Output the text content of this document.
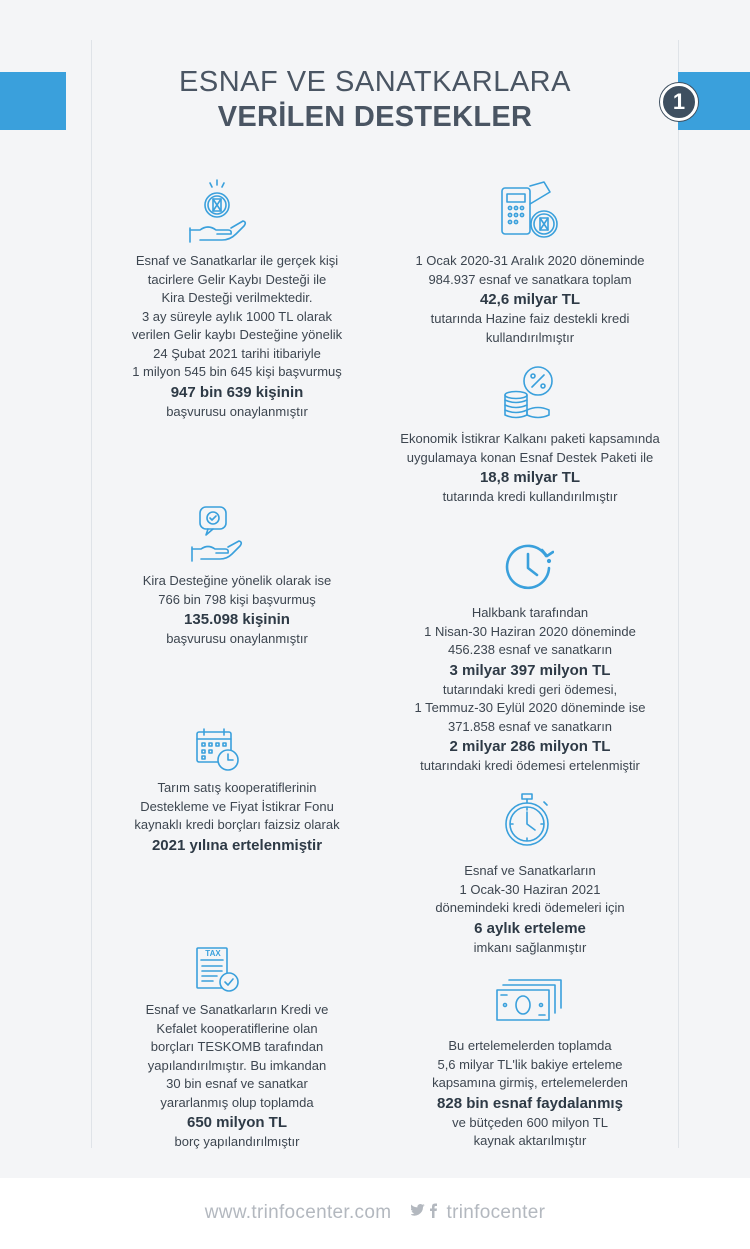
ESNAF VE SANATKARLARA
VERİLEN DESTEKLER	1

Esnaf ve Sanatkarlar ile gerçek kişi

tacirlere Gelir Kaybı Desteği ile

Kira Desteği verilmektedir.

3 ay süreyle aylık 1000 TL olarak

verilen Gelir kaybı Desteğine yönelik

24 Şubat 2021 tarihi itibariyle

1 milyon 545 bin 645 kişi başvurmuş

947 bin 639 kişinin

başvurusu onaylanmıştır

Kira Desteğine yönelik olarak ise

766 bin 798 kişi başvurmuş

135.098 kişinin

başvurusu onaylanmıştır

Tarım satış kooperatiflerinin

Destekleme ve Fiyat İstikrar Fonu

kaynaklı kredi borçları faizsiz olarak

2021 yılına ertelenmiştir

TAX

Esnaf ve Sanatkarların Kredi ve

Kefalet kooperatiflerine olan

borçları TESKOMB tarafından

yapılandırılmıştır. Bu imkandan

30 bin esnaf ve sanatkar

yararlanmış olup toplamda

650 milyon TL

borç yapılandırılmıştır

1 Ocak 2020-31 Aralık 2020 döneminde

984.937 esnaf ve sanatkara toplam

42,6 milyar TL

tutarında Hazine faiz destekli kredi

kullandırılmıştır

Ekonomik İstikrar Kalkanı paketi kapsamında

uygulamaya konan Esnaf Destek Paketi ile

18,8 milyar TL

tutarında kredi kullandırılmıştır

Halkbank tarafından

1 Nisan-30 Haziran 2020 döneminde

456.238 esnaf ve sanatkarın

3 milyar 397 milyon TL

tutarındaki kredi geri ödemesi,

1 Temmuz-30 Eylül 2020 döneminde ise

371.858 esnaf ve sanatkarın

2 milyar 286 milyon TL

tutarındaki kredi ödemesi ertelenmiştir

Esnaf ve Sanatkarların

1 Ocak-30 Haziran 2021

dönemindeki kredi ödemeleri için

6 aylık erteleme

imkanı sağlanmıştır

Bu ertelemelerden toplamda

5,6 milyar TL'lik bakiye erteleme

kapsamına girmiş, ertelemelerden

828 bin esnaf faydalanmış

ve bütçeden 600 milyon TL

kaynak aktarılmıştır

www.trinfocenter.com	trinfocenter
